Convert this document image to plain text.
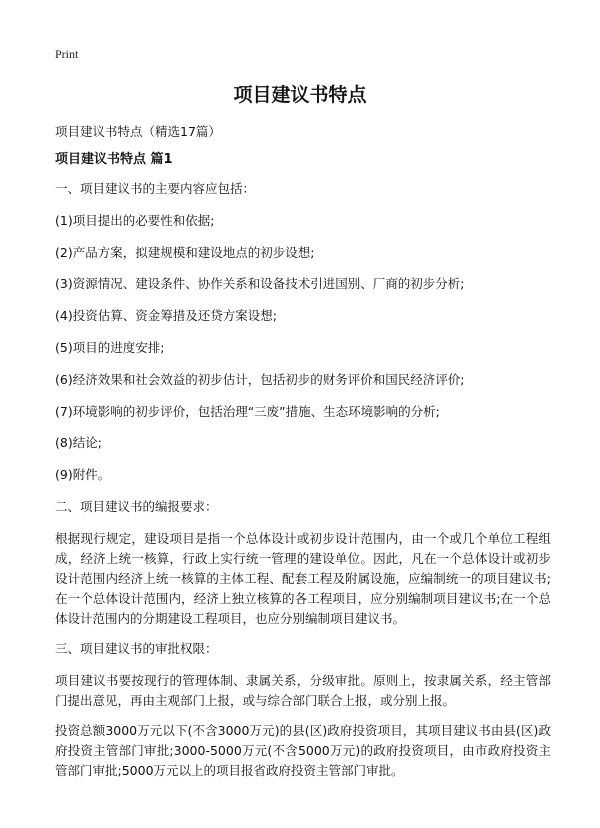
Print
项目建议书特点

项目建议书特点（精选17篇）

项目建议书特点 篇1

一、项目建议书的主要内容应包括：

(1)项目提出的必要性和依据;

(2)产品方案，拟建规模和建设地点的初步设想;

(3)资源情况、建设条件、协作关系和设备技术引进国别、厂商的初步分析;

(4)投资估算、资金筹措及还贷方案设想;

(5)项目的进度安排;

(6)经济效果和社会效益的初步估计，包括初步的财务评价和国民经济评价;

(7)环境影响的初步评价，包括治理“三废”措施、生态环境影响的分析;

(8)结论;

(9)附件。

二、项目建议书的编报要求：

根据现行规定，建设项目是指一个总体设计或初步设计范围内，由一个或几个单位工程组成，经济上统一核算，行政上实行统一管理的建设单位。因此，凡在一个总体设计或初步设计范围内经济上统一核算的主体工程、配套工程及附属设施，应编制统一的项目建议书;在一个总体设计范围内，经济上独立核算的各工程项目，应分别编制项目建议书;在一个总体设计范围内的分期建设工程项目，也应分别编制项目建议书。

三、项目建议书的审批权限：

项目建议书要按现行的管理体制、隶属关系，分级审批。原则上，按隶属关系，经主管部门提出意见，再由主观部门上报，或与综合部门联合上报，或分别上报。

投资总额3000万元以下(不含3000万元)的县(区)政府投资项目，其项目建议书由县(区)政府投资主管部门审批;3000-5000万元(不含5000万元)的政府投资项目，由市政府投资主管部门审批;5000万元以上的项目报省政府投资主管部门审批。
